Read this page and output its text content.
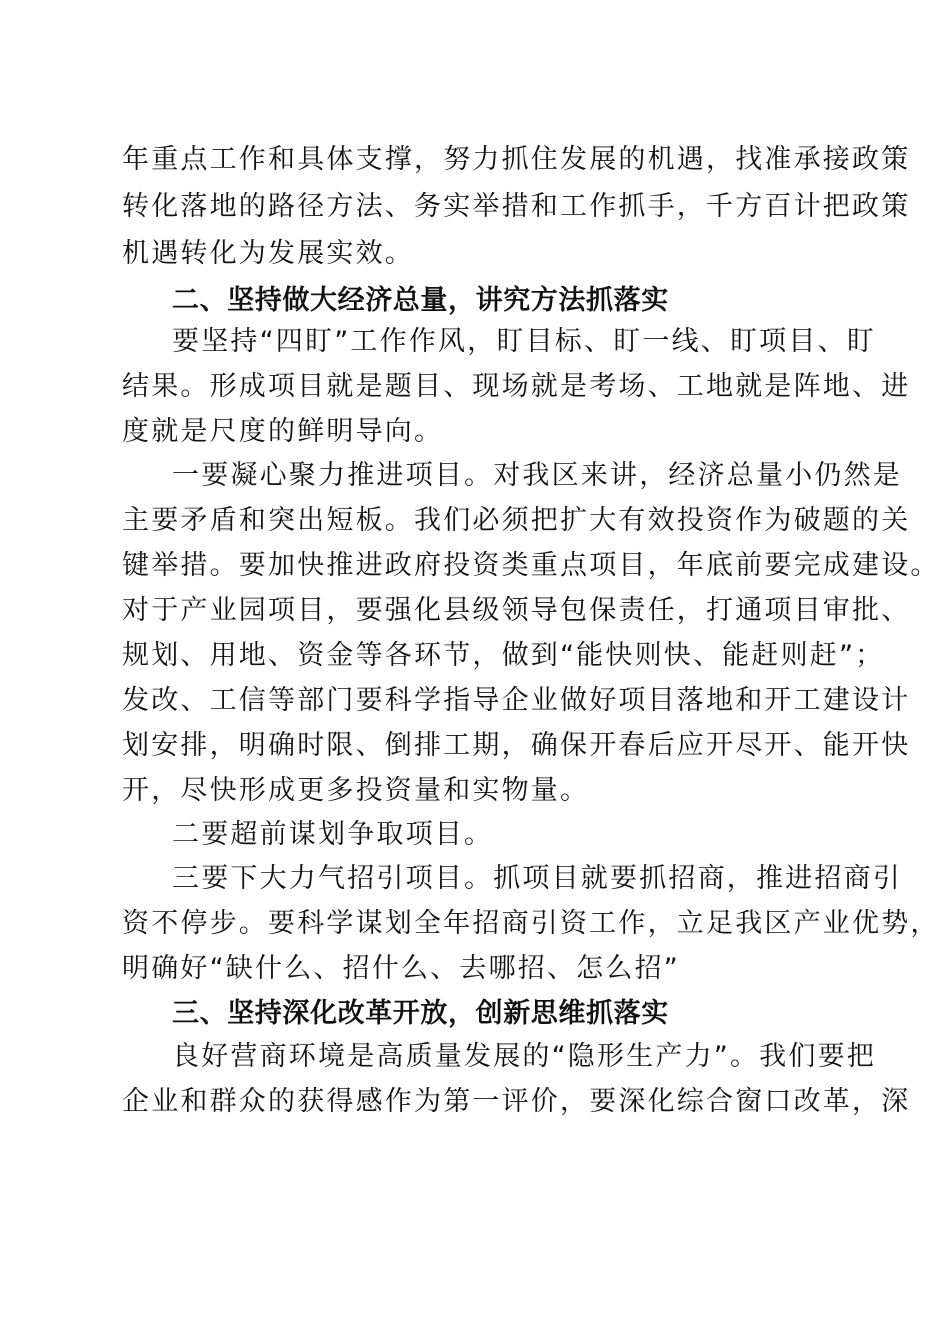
年重点工作和具体支撑，努力抓住发展的机遇，找准承接政策
转化落地的路径方法、务实举措和工作抓手，千方百计把政策
机遇转化为发展实效。
二、坚持做大经济总量，讲究方法抓落实
要坚持“四盯”工作作风，盯目标、盯一线、盯项目、盯
结果。形成项目就是题目、现场就是考场、工地就是阵地、进
度就是尺度的鲜明导向。
一要凝心聚力推进项目。对我区来讲，经济总量小仍然是
主要矛盾和突出短板。我们必须把扩大有效投资作为破题的关
键举措。要加快推进政府投资类重点项目，年底前要完成建设。
对于产业园项目，要强化县级领导包保责任，打通项目审批、
规划、用地、资金等各环节，做到“能快则快、能赶则赶”；
发改、工信等部门要科学指导企业做好项目落地和开工建设计
划安排，明确时限、倒排工期，确保开春后应开尽开、能开快
开，尽快形成更多投资量和实物量。
二要超前谋划争取项目。
三要下大力气招引项目。抓项目就要抓招商，推进招商引
资不停步。要科学谋划全年招商引资工作，立足我区产业优势，
明确好“缺什么、招什么、去哪招、怎么招”
三、坚持深化改革开放，创新思维抓落实
良好营商环境是高质量发展的“隐形生产力”。我们要把
企业和群众的获得感作为第一评价，要深化综合窗口改革，深
